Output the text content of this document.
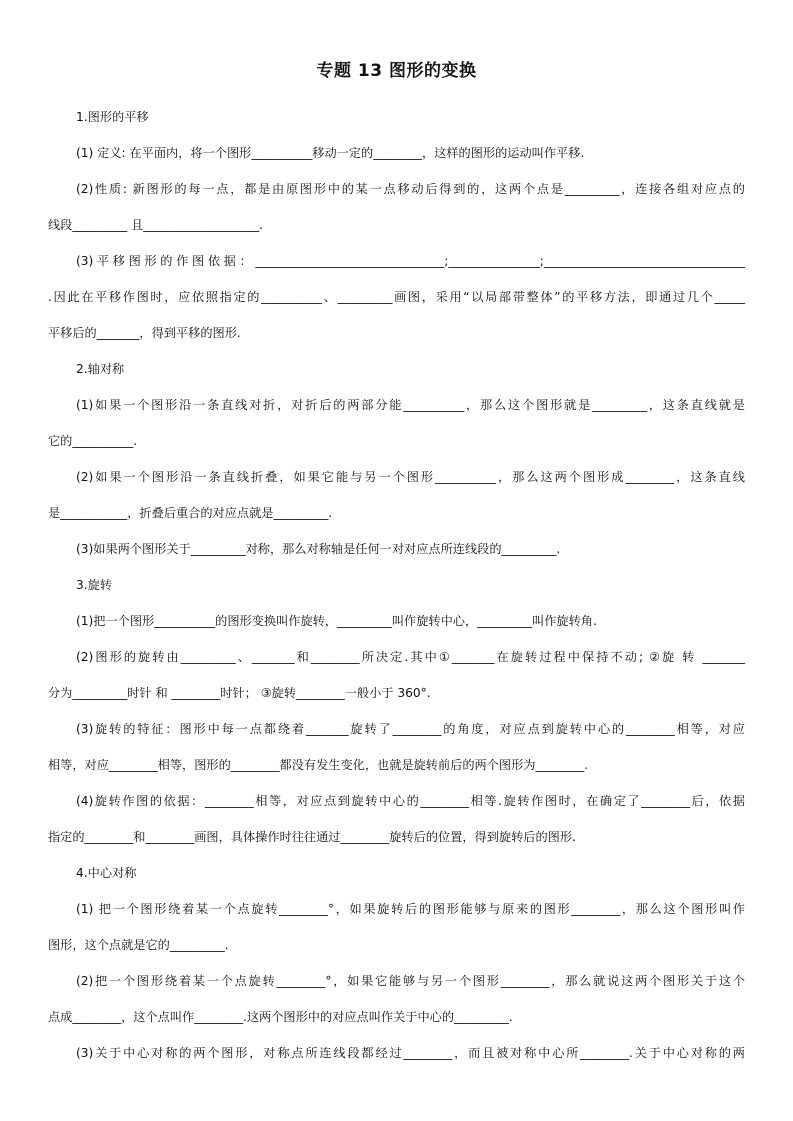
专题 13 图形的变换
1.图形的平移
(1) 定义: 在平面内，将一个图形__________移动一定的________，这样的图形的运动叫作平移.
(2)性质: 新图形的每一点，都是由原图形中的某一点移动后得到的，这两个点是_________，连接各组对应点的
线段_________ 且___________________.
(3)平移图形的作图依据：_______________________________;_______________;_________________________________
.因此在平移作图时，应依照指定的__________、_________画图，采用“以局部带整体”的平移方法，即通过几个_____
平移后的_______，得到平移的图形.
2.轴对称
(1)如果一个图形沿一条直线对折，对折后的两部分能__________，那么这个图形就是_________，这条直线就是
它的__________.
(2)如果一个图形沿一条直线折叠，如果它能与另一个图形__________，那么这两个图形成________，这条直线
是___________，折叠后重合的对应点就是_________.
(3)如果两个图形关于_________对称，那么对称轴是任何一对对应点所连线段的_________.
3.旋转
(1)把一个图形__________的图形变换叫作旋转，_________叫作旋转中心，_________叫作旋转角.
(2)图形的旋转由_________、_______和________所决定.其中①_______在旋转过程中保持不动; ②旋 转 _______
分为_________时针 和 ________时针； ③旋转________一般小于 360°.
(3)旋转的特征：图形中每一点都绕着_______旋转了________的角度，对应点到旋转中心的________相等，对应
相等，对应________相等，图形的________都没有发生变化，也就是旋转前后的两个图形为________.
(4)旋转作图的依据：________相等，对应点到旋转中心的________相等.旋转作图时，在确定了________后，依据
指定的________和________画图，具体操作时往往通过________旋转后的位置，得到旋转后的图形.
4.中心对称
(1) 把一个图形绕着某一个点旋转________°，如果旋转后的图形能够与原来的图形________，那么这个图形叫作
图形，这个点就是它的_________.
(2)把一个图形绕着某一个点旋转________°，如果它能够与另一个图形________，那么就说这两个图形关于这个
点成________，这个点叫作________.这两个图形中的对应点叫作关于中心的_________.
(3)关于中心对称的两个图形，对称点所连线段都经过________，而且被对称中心所________.关于中心对称的两
